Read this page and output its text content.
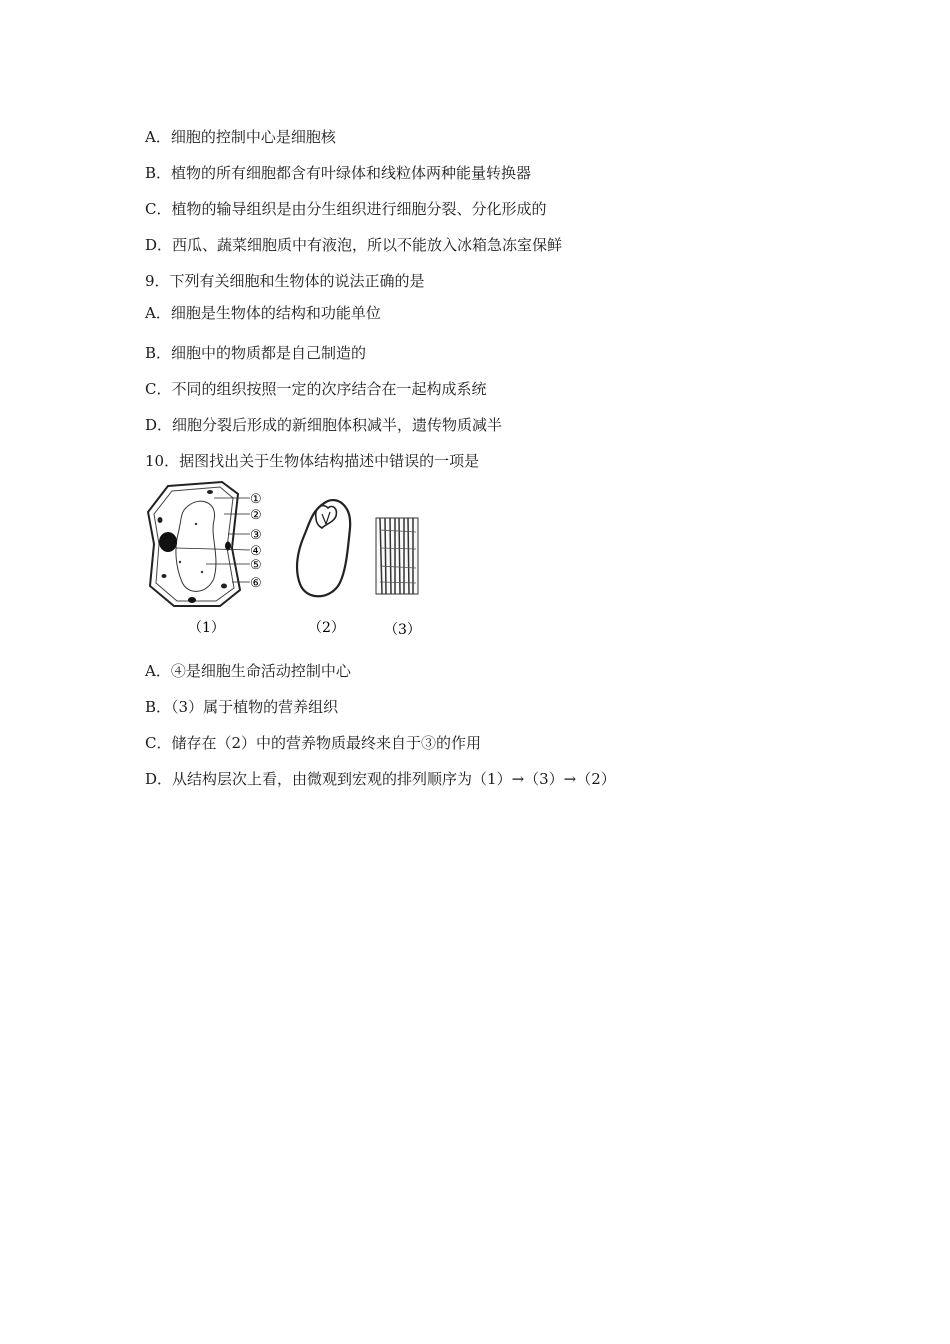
A．细胞的控制中心是细胞核
B．植物的所有细胞都含有叶绿体和线粒体两种能量转换器
C．植物的输导组织是由分生组织进行细胞分裂、分化形成的
D．西瓜、蔬菜细胞质中有液泡，所以不能放入冰箱急冻室保鲜
9．下列有关细胞和生物体的说法正确的是
A．细胞是生物体的结构和功能单位
B．细胞中的物质都是自己制造的
C．不同的组织按照一定的次序结合在一起构成系统
D．细胞分裂后形成的新细胞体积减半，遗传物质减半
10．据图找出关于生物体结构描述中错误的一项是
①
②
③
④
⑤
⑥
（1）	（2）	（3）
A．④是细胞生命活动控制中心
B．（3）属于植物的营养组织
C．储存在（2）中的营养物质最终来自于③的作用
D．从结构层次上看，由微观到宏观的排列顺序为（1）→（3）→（2）
